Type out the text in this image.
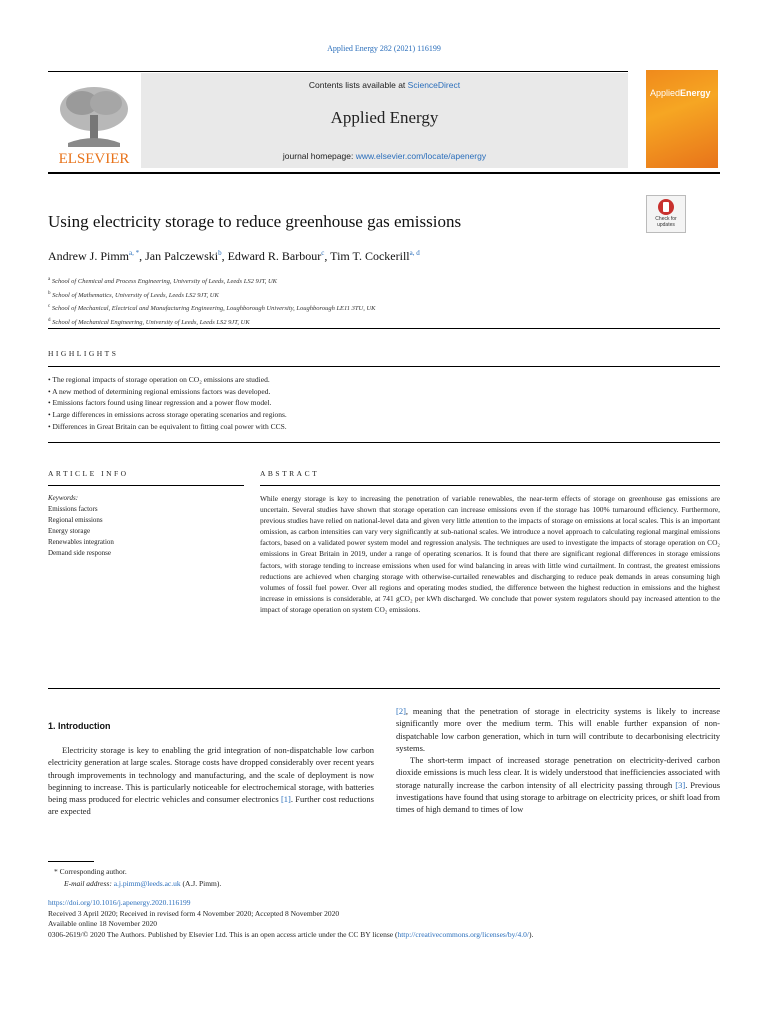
Applied Energy 282 (2021) 116199
ELSEVIER
Contents lists available at ScienceDirect
Applied Energy
journal homepage: www.elsevier.com/locate/apenergy
AppliedEnergy
Using electricity storage to reduce greenhouse gas emissions	Check for updates
Andrew J. Pimm$^{a, *}$, Jan Palczewski$^b$, Edward R. Barbour$^c$, Tim T. Cockerill$^{a, d}$
$^a$ School of Chemical and Process Engineering, University of Leeds, Leeds LS2 9JT, UK
$^b$ School of Mathematics, University of Leeds, Leeds LS2 9JT, UK
$^c$ School of Mechanical, Electrical and Manufacturing Engineering, Loughborough University, Loughborough LE11 3TU, UK
$^d$ School of Mechanical Engineering, University of Leeds, Leeds LS2 9JT, UK
HIGHLIGHTS
• The regional impacts of storage operation on CO₂ emissions are studied.
• A new method of determining regional emissions factors was developed.
• Emissions factors found using linear regression and a power flow model.
• Large differences in emissions across storage operating scenarios and regions.
• Differences in Great Britain can be equivalent to fitting coal power with CCS.
ARTICLE INFO
Keywords:
Emissions factors
Regional emissions
Energy storage
Renewables integration
Demand side response
ABSTRACT
While energy storage is key to increasing the penetration of variable renewables, the near-term effects of storage on greenhouse gas emissions are uncertain. Several studies have shown that storage operation can increase emissions even if the storage has 100% turnaround efficiency. Furthermore, previous studies have relied on national-level data and given very little attention to the impacts of storage on emissions at local scales. This is an important omission, as carbon intensities can vary very significantly at sub-national scales. We introduce a novel approach to calculating regional marginal emissions factors, based on a validated power system model and regression analysis. The techniques are used to investigate the impacts of storage operation on CO₂ emissions in Great Britain in 2019, under a range of operating scenarios. It is found that there are significant regional differences in storage emissions factors, with storage tending to increase emissions when used for wind balancing in areas with little wind curtailment. In contrast, the greatest emissions reductions are achieved when charging storage with otherwise-curtailed renewables and discharging to reduce peak demands in areas consuming high volumes of fossil fuel power. Over all regions and operating modes studied, the difference between the highest reduction in emissions and the highest increase in emissions is considerable, at 741 gCO₂ per kWh discharged. We conclude that power system regulators should pay increased attention to the impact of storage operation on system CO₂ emissions.
1. Introduction
Electricity storage is key to enabling the grid integration of non-dispatchable low carbon electricity generation at large scales. Storage costs have dropped considerably over recent years through improvements in technology and manufacturing, and the scale of deployment is now beginning to increase. This is particularly noticeable for electrochemical storage, with batteries being mass produced for electric vehicles and consumer electronics [1]. Further cost reductions are expected
[2], meaning that the penetration of storage in electricity systems is likely to increase significantly more over the medium term. This will enable further expansion of non-dispatchable low carbon generation, which in turn will contribute to decarbonising electricity systems.
The short-term impact of increased storage penetration on electricity-derived carbon dioxide emissions is much less clear. It is widely understood that inefficiencies associated with storage naturally increase the carbon intensity of all electricity passing through [3]. Previous investigations have found that using storage to arbitrage on electricity prices, or shift load from times of high demand to times of low
* Corresponding author.
E-mail address: a.j.pimm@leeds.ac.uk (A.J. Pimm).
https://doi.org/10.1016/j.apenergy.2020.116199
Received 3 April 2020; Received in revised form 4 November 2020; Accepted 8 November 2020
Available online 18 November 2020
0306-2619/© 2020 The Authors. Published by Elsevier Ltd. This is an open access article under the CC BY license (http://creativecommons.org/licenses/by/4.0/).
